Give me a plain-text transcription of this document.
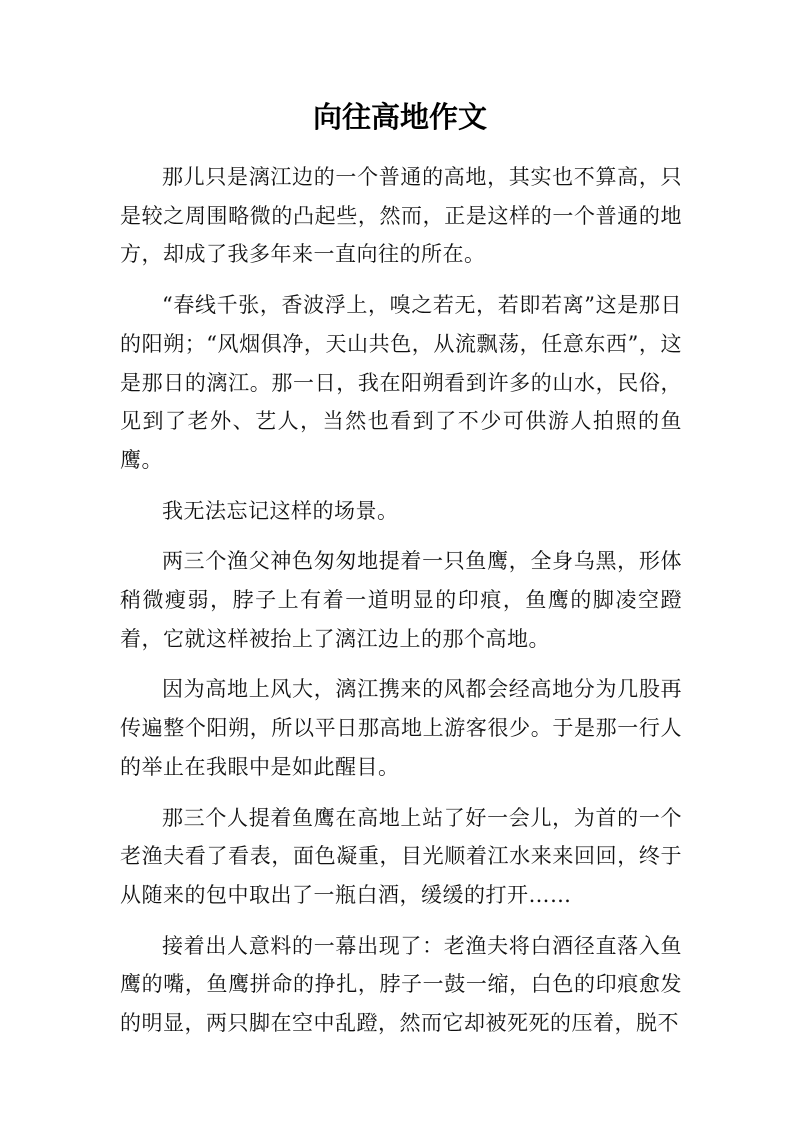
向往高地作文

那儿只是漓江边的一个普通的高地，其实也不算高，只是较之周围略微的凸起些，然而，正是这样的一个普通的地方，却成了我多年来一直向往的所在。

“春线千张，香波浮上，嗅之若无，若即若离”这是那日的阳朔；“风烟俱净，天山共色，从流飘荡，任意东西”，这是那日的漓江。那一日，我在阳朔看到许多的山水，民俗，见到了老外、艺人，当然也看到了不少可供游人拍照的鱼鹰。

我无法忘记这样的场景。

两三个渔父神色匆匆地提着一只鱼鹰，全身乌黑，形体稍微瘦弱，脖子上有着一道明显的印痕，鱼鹰的脚凌空蹬着，它就这样被抬上了漓江边上的那个高地。

因为高地上风大，漓江携来的风都会经高地分为几股再传遍整个阳朔，所以平日那高地上游客很少。于是那一行人的举止在我眼中是如此醒目。

那三个人提着鱼鹰在高地上站了好一会儿，为首的一个老渔夫看了看表，面色凝重，目光顺着江水来来回回，终于从随来的包中取出了一瓶白酒，缓缓的打开……

接着出人意料的一幕出现了：老渔夫将白酒径直落入鱼鹰的嘴，鱼鹰拼命的挣扎，脖子一鼓一缩，白色的印痕愈发的明显，两只脚在空中乱蹬，然而它却被死死的压着，脱不
